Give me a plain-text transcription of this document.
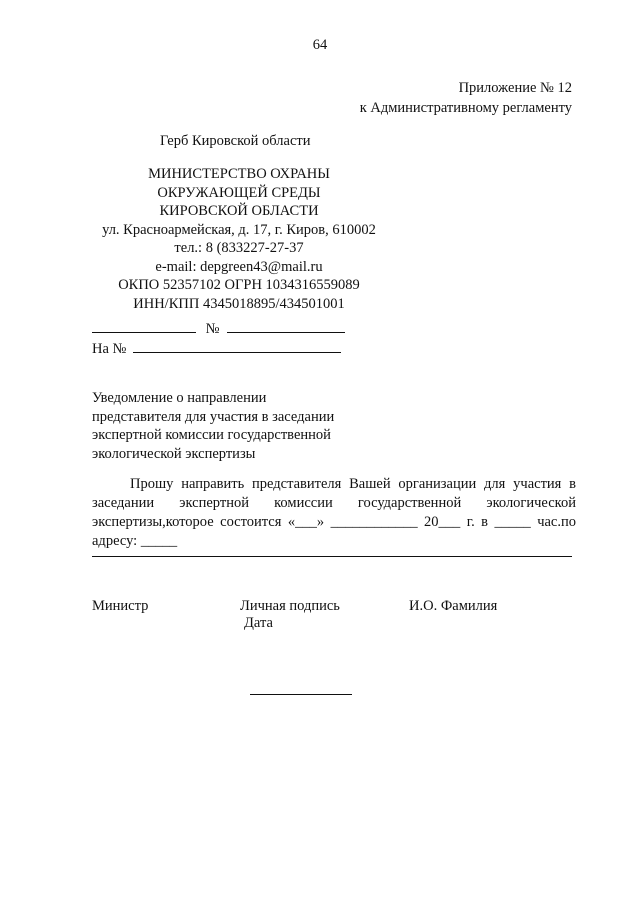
64
Приложение № 12
к Административному регламенту
Герб Кировской области
МИНИСТЕРСТВО ОХРАНЫ
ОКРУЖАЮЩЕЙ СРЕДЫ
КИРОВСКОЙ ОБЛАСТИ
ул. Красноармейская, д. 17, г. Киров, 610002
тел.: 8 (833227-27-37
e-mail: depgreen43@mail.ru
ОКПО 52357102 ОГРН 1034316559089
ИНН/КПП 4345018895/434501001
№
На №
Уведомление о направлении
представителя для участия в заседании
экспертной комиссии государственной
экологической экспертизы
Прошу направить представителя Вашей организации для участия в
заседании экспертной комиссии государственной экологической
экспертизы,которое состоится «___» ____________ 20___ г. в _____ час.по
адресу: _____
Министр	Личная подпись
Дата
И.О. Фамилия
